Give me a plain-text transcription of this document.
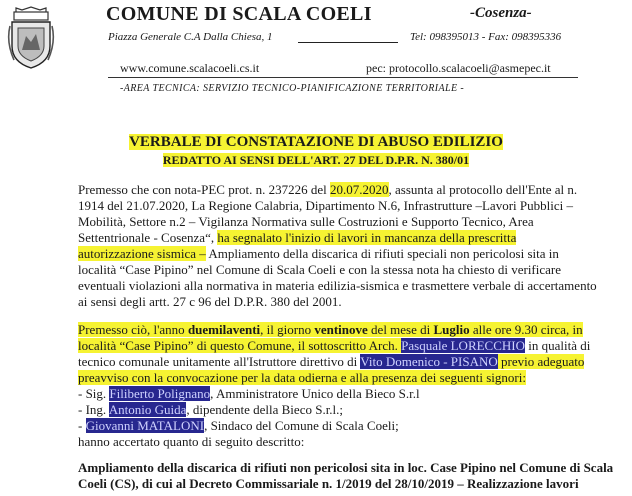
COMUNE DI SCALA COELI	-Cosenza-
Piazza Generale C.A Dalla Chiesa, 1	Tel: 098395013 - Fax: 098395336
www.comune.scalacoeli.cs.it	pec: protocollo.scalacoeli@asmepec.it
-AREA TECNICA: SERVIZIO TECNICO-PIANIFICAZIONE TERRITORIALE -
VERBALE DI CONSTATAZIONE DI ABUSO EDILIZIO
REDATTO AI SENSI DELL'ART. 27 DEL D.P.R. N. 380/01
Premesso che con nota-PEC prot. n. 237226 del 20.07.2020, assunta al protocollo dell'Ente al n.
1914 del 21.07.2020, La Regione Calabria, Dipartimento N.6, Infrastrutture –Lavori Pubblici –
Mobilità, Settore n.2 – Vigilanza Normativa sulle Costruzioni e Supporto Tecnico, Area
Settentrionale - Cosenza“, ha segnalato l'inizio di lavori in mancanza della prescritta
autorizzazione sismica – Ampliamento della discarica di rifiuti speciali non pericolosi sita in
località “Case Pipino” nel Comune di Scala Coeli e con la stessa nota ha chiesto di verificare
eventuali violazioni alla normativa in materia edilizia-sismica e trasmettere verbale di accertamento
ai sensi degli artt. 27 c 96 del D.P.R. 380 del 2001.
Premesso ciò, l'anno duemilaventi, il giorno ventinove del mese di Luglio alle ore 9.30 circa, in
località “Case Pipino” di questo Comune, il sottoscritto Arch. Pasquale LORECCHIO in qualità di
tecnico comunale unitamente all'Istruttore direttivo di Vito Domenico - PISANO previo adeguato
preavviso con la convocazione per la data odierna e alla presenza dei seguenti signori:
- Sig. Filiberto Polignano, Amministratore Unico della Bieco S.r.l
- Ing. Antonio Guida, dipendente della Bieco S.r.l.;
- Giovanni MATALONI, Sindaco del Comune di Scala Coeli;
hanno accertato quanto di seguito descritto:
Ampliamento della discarica di rifiuti non pericolosi sita in loc. Case Pipino nel Comune di Scala
Coeli (CS), di cui al Decreto Commissariale n. 1/2019 del 28/10/2019 – Realizzazione lavori
